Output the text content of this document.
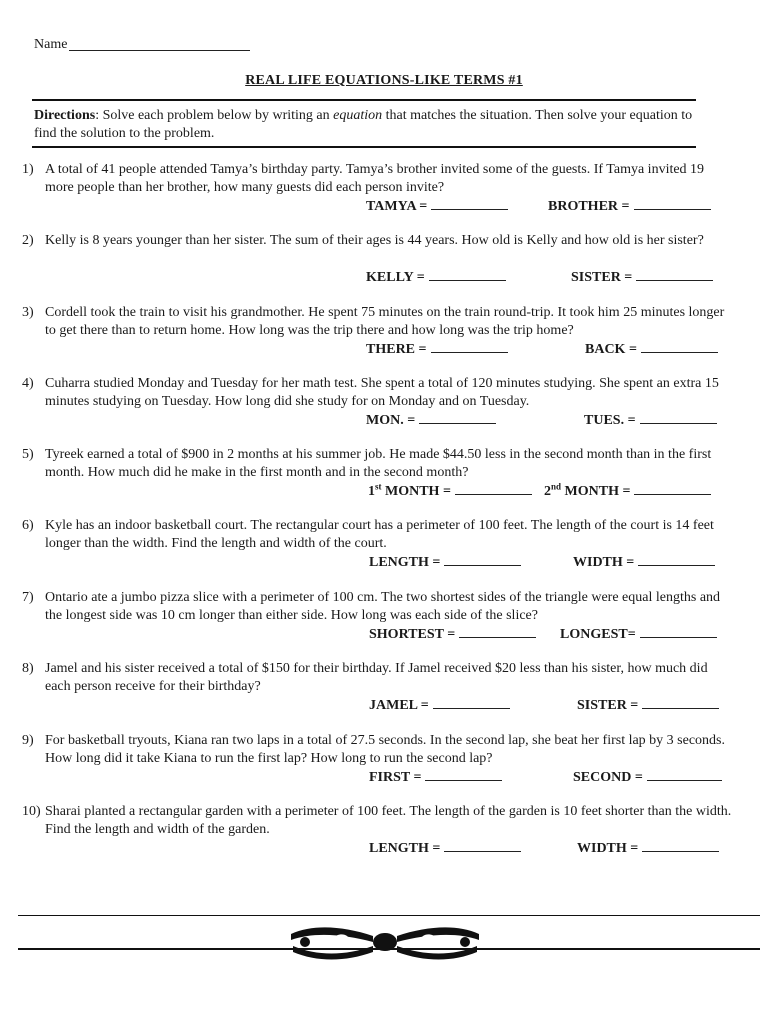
Name
REAL LIFE EQUATIONS-LIKE TERMS #1
Directions: Solve each problem below by writing an equation that matches the situation. Then solve your equation to find the solution to the problem.
1) A total of 41 people attended Tamya’s birthday party. Tamya’s brother invited some of the guests. If Tamya invited 19 more people than her brother, how many guests did each person invite?
TAMYA =	BROTHER =
2) Kelly is 8 years younger than her sister. The sum of their ages is 44 years. How old is Kelly and how old is her sister?
KELLY =	SISTER =
3) Cordell took the train to visit his grandmother. He spent 75 minutes on the train round-trip. It took him 25 minutes longer to get there than to return home. How long was the trip there and how long was the trip home?
THERE =	BACK =
4) Cuharra studied Monday and Tuesday for her math test. She spent a total of 120 minutes studying. She spent an extra 15 minutes studying on Tuesday. How long did she study for on Monday and on Tuesday.
MON. =	TUES. =
5) Tyreek earned a total of $900 in 2 months at his summer job. He made $44.50 less in the second month than in the first month. How much did he make in the first month and in the second month?
1st MONTH =	2nd MONTH =
6) Kyle has an indoor basketball court. The rectangular court has a perimeter of 100 feet. The length of the court is 14 feet longer than the width. Find the length and width of the court.
LENGTH =	WIDTH =
7) Ontario ate a jumbo pizza slice with a perimeter of 100 cm. The two shortest sides of the triangle were equal lengths and the longest side was 10 cm longer than either side. How long was each side of the slice?
SHORTEST =	LONGEST=
8) Jamel and his sister received a total of $150 for their birthday. If Jamel received $20 less than his sister, how much did each person receive for their birthday?
JAMEL =	SISTER =
9) For basketball tryouts, Kiana ran two laps in a total of 27.5 seconds. In the second lap, she beat her first lap by 3 seconds. How long did it take Kiana to run the first lap? How long to run the second lap?
FIRST =	SECOND =
10) Sharai planted a rectangular garden with a perimeter of 100 feet. The length of the garden is 10 feet shorter than the width. Find the length and width of the garden.
LENGTH =	WIDTH =
